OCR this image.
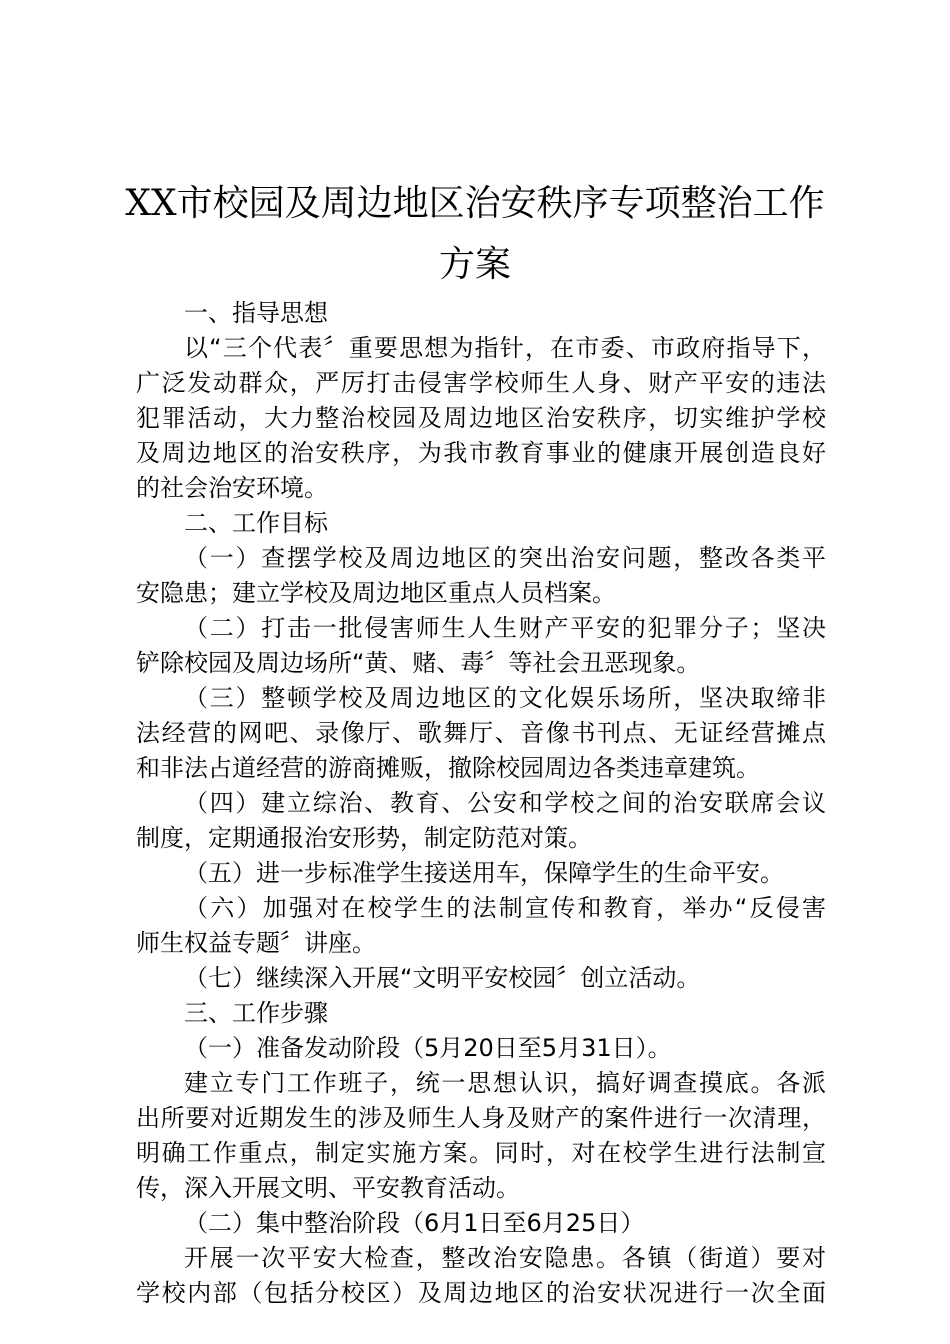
XX市校园及周边地区治安秩序专项整治工作
方案
一、指导思想
以“三个代表〞重要思想为指针，在市委、市政府指导下，
广泛发动群众，严厉打击侵害学校师生人身、财产平安的违法
犯罪活动，大力整治校园及周边地区治安秩序，切实维护学校
及周边地区的治安秩序，为我市教育事业的健康开展创造良好
的社会治安环境。
二、工作目标
（一）查摆学校及周边地区的突出治安问题，整改各类平
安隐患；建立学校及周边地区重点人员档案。
（二）打击一批侵害师生人生财产平安的犯罪分子；坚决
铲除校园及周边场所“黄、赌、毒〞等社会丑恶现象。
（三）整顿学校及周边地区的文化娱乐场所，坚决取缔非
法经营的网吧、录像厅、歌舞厅、音像书刊点、无证经营摊点
和非法占道经营的游商摊贩，撤除校园周边各类违章建筑。
（四）建立综治、教育、公安和学校之间的治安联席会议
制度，定期通报治安形势，制定防范对策。
（五）进一步标准学生接送用车，保障学生的生命平安。
（六）加强对在校学生的法制宣传和教育，举办“反侵害
师生权益专题〞讲座。
（七）继续深入开展“文明平安校园〞创立活动。
三、工作步骤
（一）准备发动阶段（5月20日至5月31日）。
建立专门工作班子，统一思想认识，搞好调查摸底。各派
出所要对近期发生的涉及师生人身及财产的案件进行一次清理，
明确工作重点，制定实施方案。同时，对在校学生进行法制宣
传，深入开展文明、平安教育活动。
（二）集中整治阶段（6月1日至6月25日）
开展一次平安大检查，整改治安隐患。各镇（街道）要对
学校内部（包括分校区）及周边地区的治安状况进行一次全面
